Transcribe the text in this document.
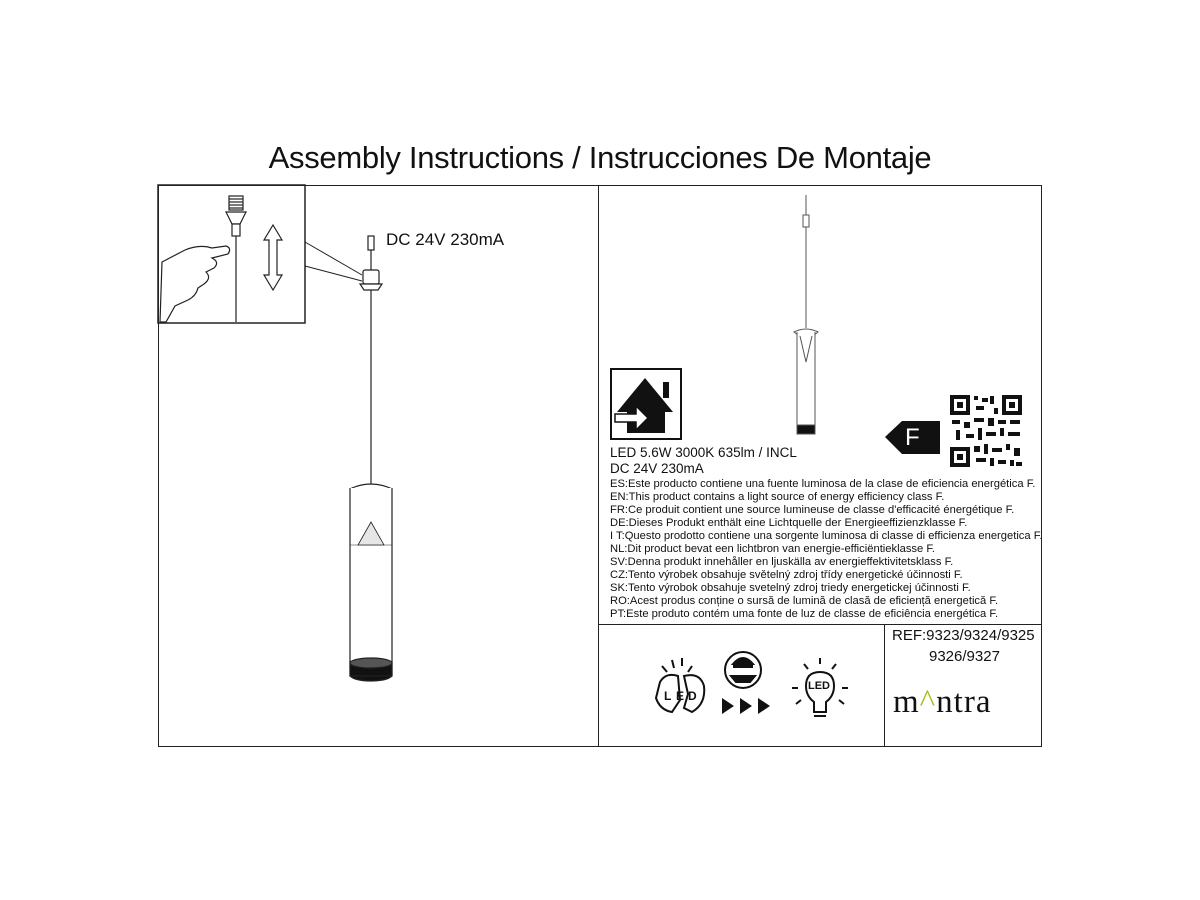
Assembly Instructions / Instrucciones De Montaje
DC 24V 230mA
F
LED 5.6W 3000K 635lm / INCL
DC 24V 230mA
ES:Este producto contiene una fuente luminosa de la clase de eficiencia energética F.
EN:This product contains a light source of energy efficiency class F.
FR:Ce produit contient une source lumineuse de classe d'efficacité énergétique F.
DE:Dieses Produkt enthält eine Lichtquelle der Energieeffizienzklasse F.
I T:Questo prodotto contiene una sorgente luminosa di classe di efficienza energetica F.
NL:Dit product bevat een lichtbron van energie-efficiëntieklasse F.
SV:Denna produkt innehåller en ljuskälla av energieffektivitetsklass F.
CZ:Tento výrobek obsahuje světelný zdroj třídy energetické účinnosti F.
SK:Tento výrobok obsahuje svetelný zdroj triedy energetickej účinnosti F.
RO:Acest produs conține o sursă de lumină de clasă de eficiență energetică F.
PT:Este produto contém uma fonte de luz de classe de eficiência energética F.
L E D
LED
REF:9323/9324/9325
9326/9327
m^ntra
